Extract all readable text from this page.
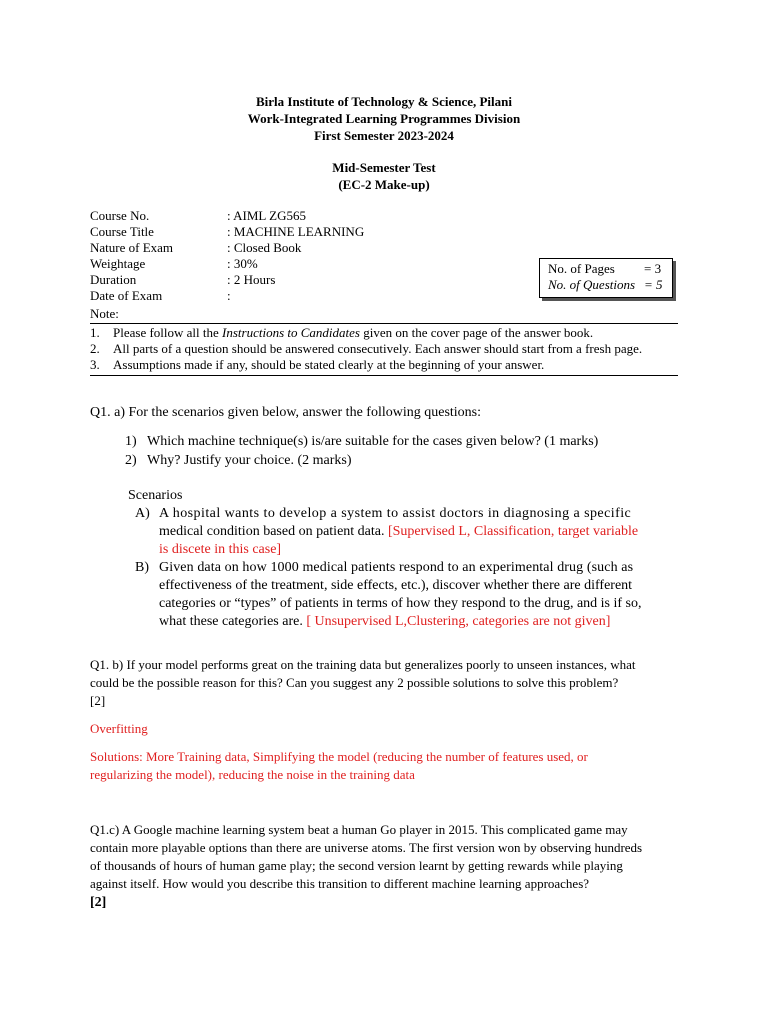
Birla Institute of Technology & Science, Pilani
Work-Integrated Learning Programmes Division
First Semester 2023-2024
Mid-Semester Test
(EC-2 Make-up)
Course No.	: AIML ZG565
Course Title	: MACHINE LEARNING
Nature of Exam	: Closed Book
Weightage	: 30%
Duration	: 2 Hours
Date of Exam	:
No. of Pages = 3
No. of Questions = 5
Note:
1. Please follow all the Instructions to Candidates given on the cover page of the answer book.
2. All parts of a question should be answered consecutively. Each answer should start from a fresh page.
3. Assumptions made if any, should be stated clearly at the beginning of your answer.
Q1. a) For the scenarios given below, answer the following questions:
1) Which machine technique(s) is/are suitable for the cases given below? (1 marks)
2) Why? Justify your choice. (2 marks)
Scenarios
A) A hospital wants to develop a system to assist doctors in diagnosing a specific
medical condition based on patient data. [Supervised L, Classification, target variable
is discete in this case]
B) Given data on how 1000 medical patients respond to an experimental drug (such as
effectiveness of the treatment, side effects, etc.), discover whether there are different
categories or “types” of patients in terms of how they respond to the drug, and is if so,
what these categories are. [ Unsupervised L,Clustering, categories are not given]
Q1. b) If your model performs great on the training data but generalizes poorly to unseen instances, what
could be the possible reason for this? Can you suggest any 2 possible solutions to solve this problem?
[2]
Overfitting
Solutions: More Training data, Simplifying the model (reducing the number of features used, or
regularizing the model), reducing the noise in the training data
Q1.c) A Google machine learning system beat a human Go player in 2015. This complicated game may
contain more playable options than there are universe atoms. The first version won by observing hundreds
of thousands of hours of human game play; the second version learnt by getting rewards while playing
against itself. How would you describe this transition to different machine learning approaches?
[2]
